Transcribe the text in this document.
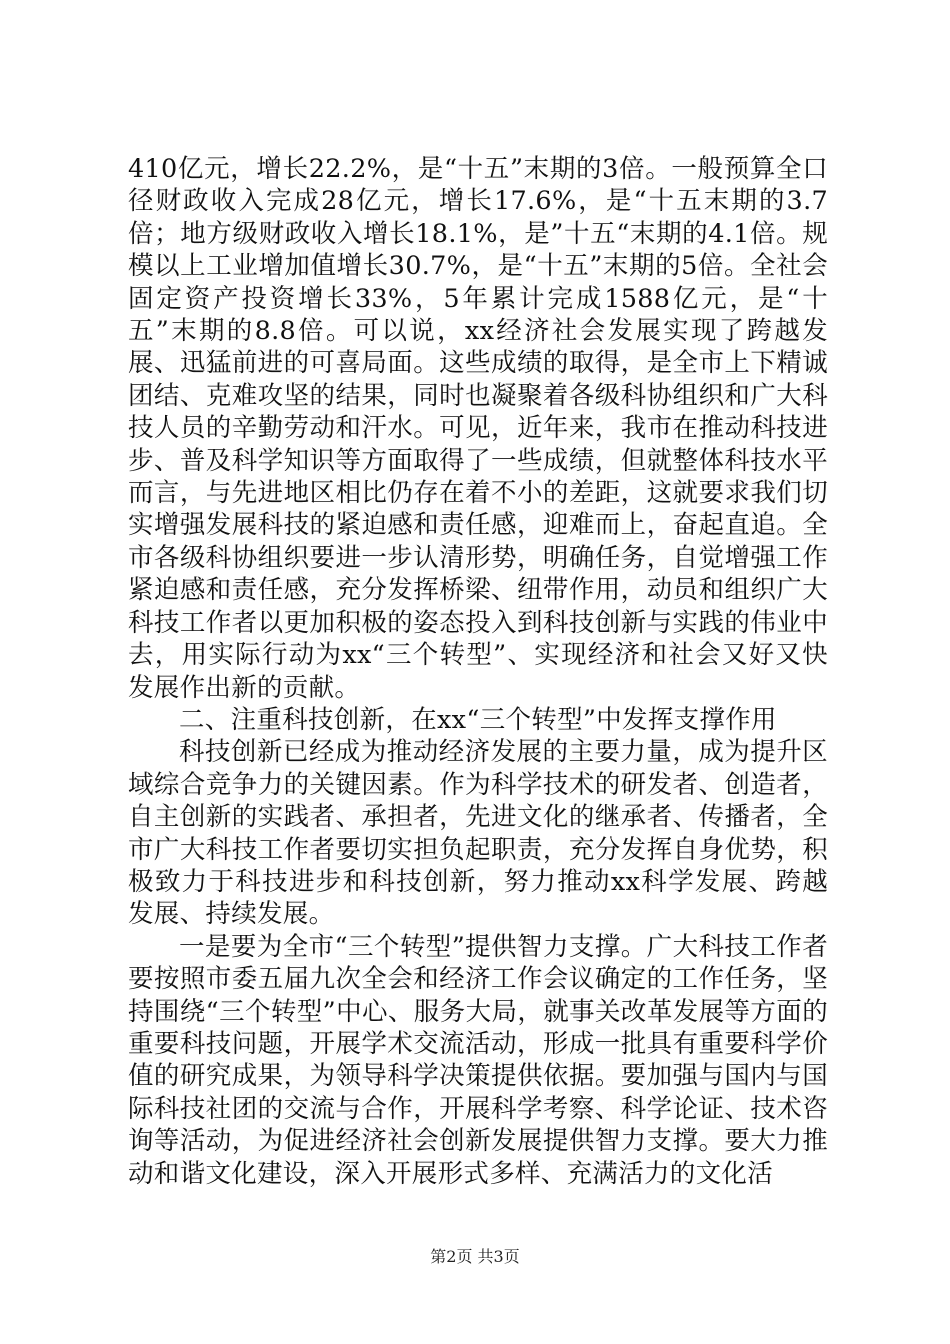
410亿元，增长22.2%，是“十五”末期的3倍。一般预算全口径财政收入完成28亿元，增长17.6%，是“十五末期的3.7倍；地方级财政收入增长18.1%，是”十五“末期的4.1倍。规模以上工业增加值增长30.7%，是“十五”末期的5倍。全社会固定资产投资增长33%，5年累计完成1588亿元，是“十五”末期的8.8倍。可以说，xx经济社会发展实现了跨越发展、迅猛前进的可喜局面。这些成绩的取得，是全市上下精诚团结、克难攻坚的结果，同时也凝聚着各级科协组织和广大科技人员的辛勤劳动和汗水。可见，近年来，我市在推动科技进步、普及科学知识等方面取得了一些成绩，但就整体科技水平而言，与先进地区相比仍存在着不小的差距，这就要求我们切实增强发展科技的紧迫感和责任感，迎难而上，奋起直追。全市各级科协组织要进一步认清形势，明确任务，自觉增强工作紧迫感和责任感，充分发挥桥梁、纽带作用，动员和组织广大科技工作者以更加积极的姿态投入到科技创新与实践的伟业中去，用实际行动为xx“三个转型”、实现经济和社会又好又快发展作出新的贡献。

二、注重科技创新，在xx“三个转型”中发挥支撑作用

科技创新已经成为推动经济发展的主要力量，成为提升区域综合竞争力的关键因素。作为科学技术的研发者、创造者，自主创新的实践者、承担者，先进文化的继承者、传播者，全市广大科技工作者要切实担负起职责，充分发挥自身优势，积极致力于科技进步和科技创新，努力推动xx科学发展、跨越发展、持续发展。

一是要为全市“三个转型”提供智力支撑。广大科技工作者要按照市委五届九次全会和经济工作会议确定的工作任务，坚持围绕“三个转型”中心、服务大局，就事关改革发展等方面的重要科技问题，开展学术交流活动，形成一批具有重要科学价值的研究成果，为领导科学决策提供依据。要加强与国内与国际科技社团的交流与合作，开展科学考察、科学论证、技术咨询等活动，为促进经济社会创新发展提供智力支撑。要大力推动和谐文化建设，深入开展形式多样、充满活力的文化活

第2页 共3页
